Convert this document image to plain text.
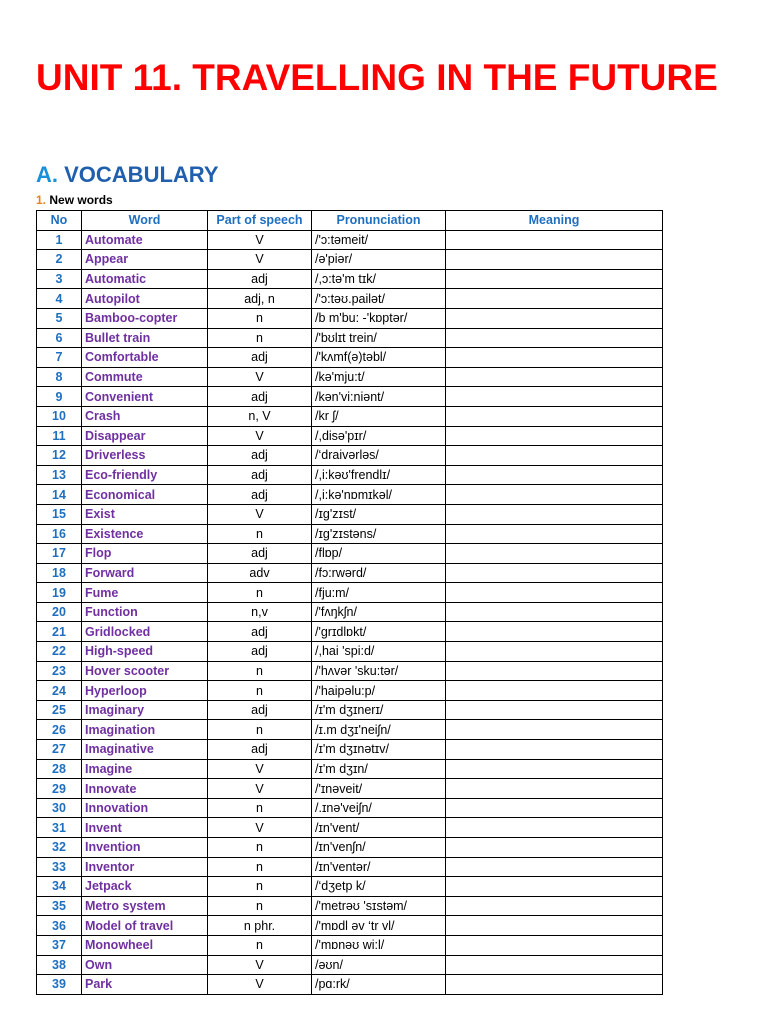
UNIT 11. TRAVELLING IN THE FUTURE
A. VOCABULARY
1. New words
No	Word	Part of speech	Pronunciation	Meaning
1	Automate	V	/'ɔ:təmeit/	
2	Appear	V	/ə'piər/	
3	Automatic	adj	/,ɔ:tə'm tɪk/	
4	Autopilot	adj, n	/'ɔ:təʊ.pailət/	
5	Bamboo-copter	n	/b m'bu: -'kɒptər/	
6	Bullet train	n	/'bʊlɪt trein/	
7	Comfortable	adj	/'kʌmf(ə)təbl/	
8	Commute	V	/kə'mju:t/	
9	Convenient	adj	/kən'vi:niənt/	
10	Crash	n, V	/kr ʃ/	
11	Disappear	V	/,disə'pɪr/	
12	Driverless	adj	/‘draivərləs/	
13	Eco-friendly	adj	/,i:kəʊ'frendlɪ/	
14	Economical	adj	/,i:kə'nɒmɪkəl/	
15	Exist	V	/ɪg'zɪst/	
16	Existence	n	/ɪg'zɪstəns/	
17	Flop	adj	/flɒp/	
18	Forward	adv	/fɔ:rwərd/	
19	Fume	n	/fju:m/	
20	Function	n,v	/'fʌŋkʃn/	
21	Gridlocked	adj	/'grɪdlɒkt/	
22	High-speed	adj	/,hai 'spi:d/	
23	Hover scooter	n	/'hʌvər 'sku:tər/	
24	Hyperloop	n	/'haipəlu:p/	
25	Imaginary	adj	/ɪ'm dʒɪnerɪ/	
26	Imagination	n	/ɪ.m dʒɪ'neiʃn/	
27	Imaginative	adj	/ɪ'm dʒɪnətɪv/	
28	Imagine	V	/ɪ'm dʒɪn/	
29	Innovate	V	/'ɪnəveit/	
30	Innovation	n	/.ɪnə'veiʃn/	
31	Invent	V	/ɪn'vent/	
32	Invention	n	/ɪn'venʃn/	
33	Inventor	n	/ɪn'ventər/	
34	Jetpack	n	/‘dʒetp k/	
35	Metro system	n	/'metrəʊ 'sɪstəm/	
36	Model of travel	n phr.	/'mɒdl əv ‘tr vl/	
37	Monowheel	n	/'mɒnəʊ wi:l/	
38	Own	V	/əʊn/	
39	Park	V	/pɑ:rk/	
